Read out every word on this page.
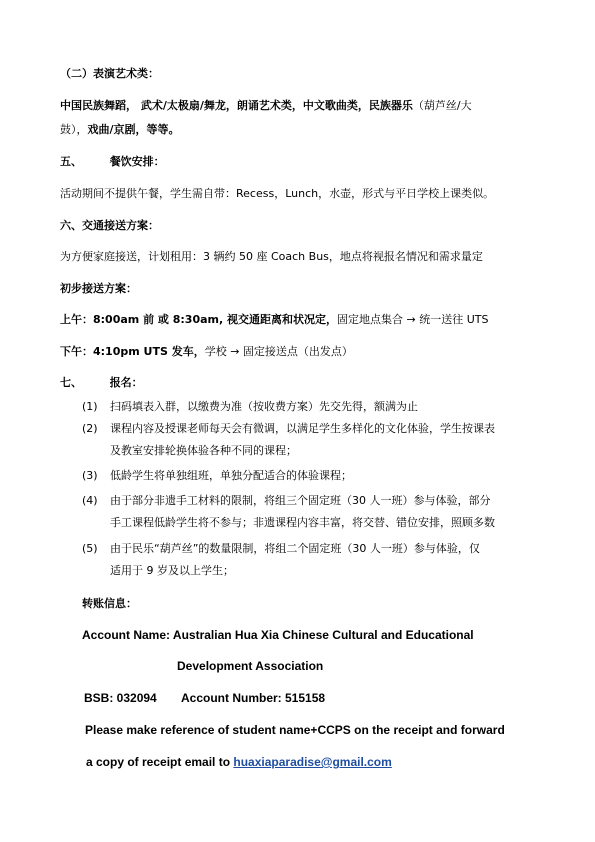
（二）表演艺术类：
中国民族舞蹈， 武术/太极扇/舞龙，朗诵艺术类，中文歌曲类，民族器乐（葫芦丝/大
鼓），戏曲/京剧，等等。
五、	餐饮安排：
活动期间不提供午餐，学生需自带：Recess，Lunch，水壶，形式与平日学校上课类似。
六、交通接送方案：
为方便家庭接送，计划租用：3 辆约 50 座 Coach Bus，地点将视报名情况和需求量定
初步接送方案：
上午：8:00am 前 或 8:30am, 视交通距离和状况定，固定地点集合 → 统一送往 UTS
下午：4:10pm UTS 发车，学校 → 固定接送点（出发点）
七、	报名：
(1)	扫码填表入群，以缴费为准（按收费方案）先交先得，额满为止
(2)	课程内容及授课老师每天会有微调，以满足学生多样化的文化体验，学生按课表
及教室安排轮换体验各种不同的课程；
(3)	低龄学生将单独组班，单独分配适合的体验课程；
(4)	由于部分非遗手工材料的限制，将组三个固定班（30 人一班）参与体验，部分
手工课程低龄学生将不参与；非遗课程内容丰富，将交替、错位安排，照顾多数
(5)	由于民乐“葫芦丝”的数量限制，将组二个固定班（30 人一班）参与体验，仅
适用于 9 岁及以上学生；
转账信息：
Account Name: Australian Hua Xia Chinese Cultural and Educational
Development Association
BSB: 032094 Account Number: 515158
Please make reference of student name+CCPS on the receipt and forward
a copy of receipt email to huaxiaparadise@gmail.com
